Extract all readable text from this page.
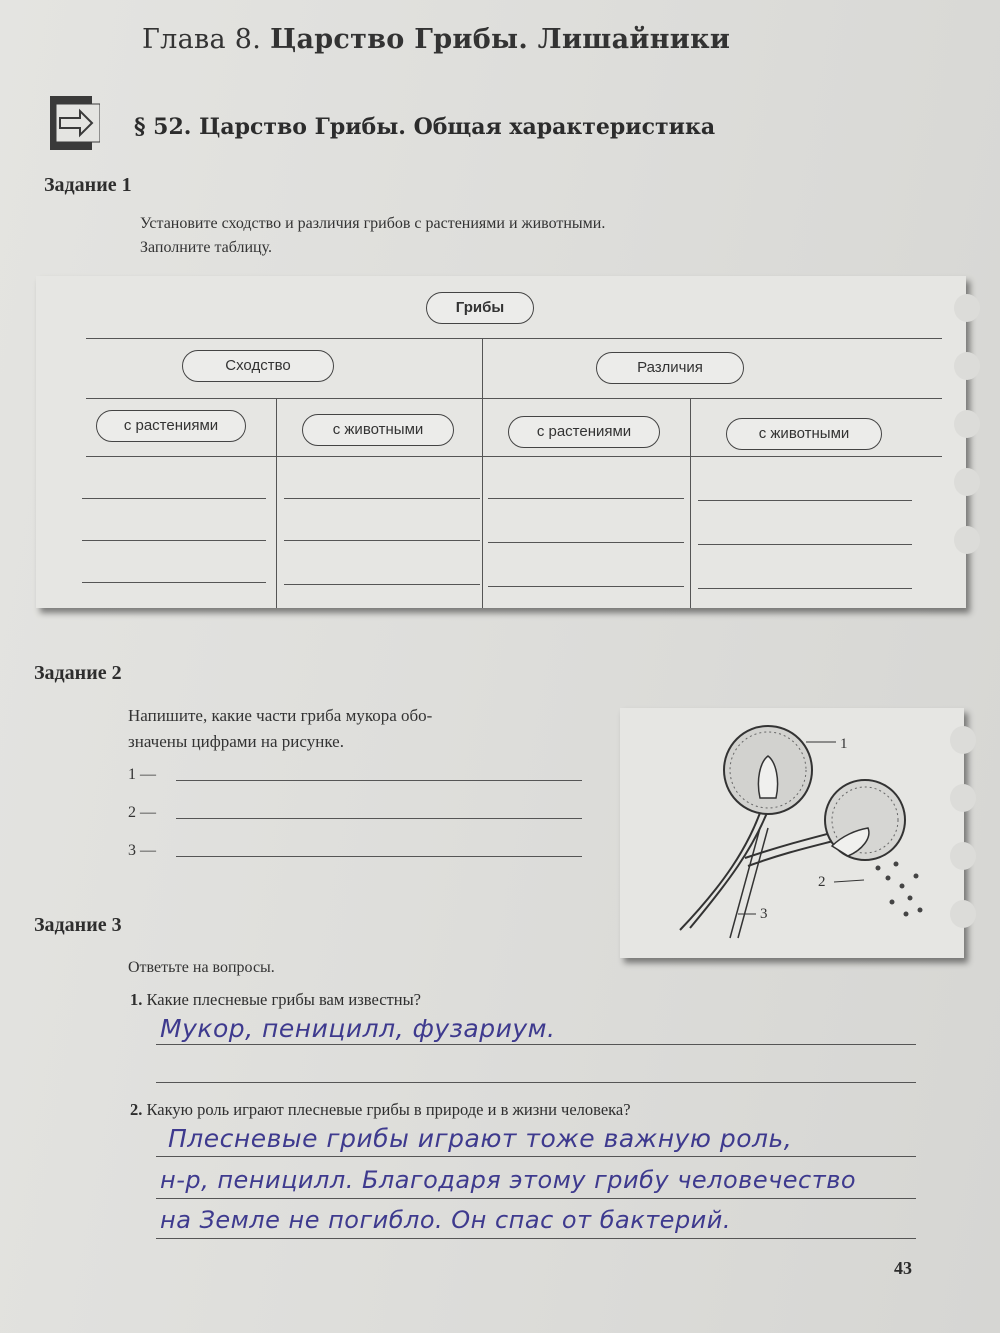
Глава 8. Царство Грибы. Лишайники
§ 52. Царство Грибы. Общая характеристика
Задание 1
Установите сходство и различия грибов с растениями и животными.
Заполните таблицу.
Грибы
Сходство	Различия
с растениями	с животными	с растениями	с животными
Задание 2
Напишите, какие части гриба мукора обо-
значены цифрами на рисунке.
1 —
2 —
3 —
1
2
3
Задание 3
Ответьте на вопросы.
1. Какие плесневые грибы вам известны?
Мукор, пеницилл, фузариум.
2. Какую роль играют плесневые грибы в природе и в жизни человека?
Плесневые грибы играют тоже важную роль,
н-р, пеницилл. Благодаря этому грибу человечество
на Земле не погибло. Он спас от бактерий.
43
